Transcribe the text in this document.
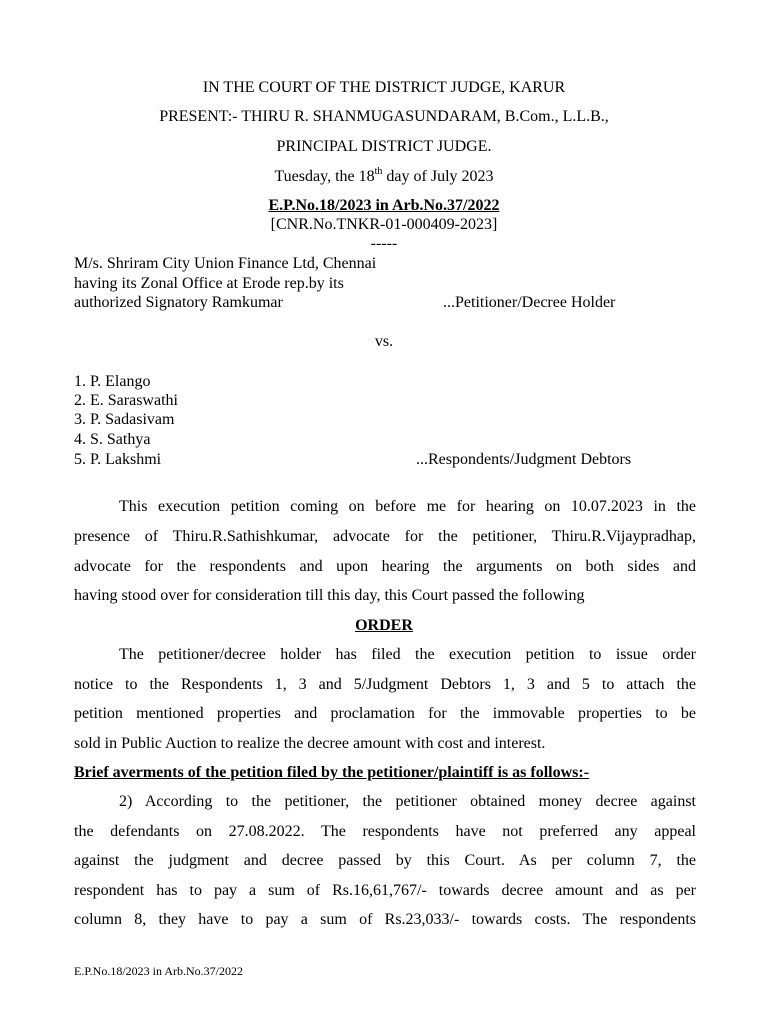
IN THE COURT OF THE DISTRICT JUDGE, KARUR
PRESENT:- THIRU R. SHANMUGASUNDARAM, B.Com., L.L.B.,
PRINCIPAL DISTRICT JUDGE.
Tuesday, the 18th day of July 2023
E.P.No.18/2023 in Arb.No.37/2022
[CNR.No.TNKR-01-000409-2023]
-----
M/s. Shriram City Union Finance Ltd, Chennai
having its Zonal Office at Erode rep.by its
authorized Signatory Ramkumar	...Petitioner/Decree Holder
vs.
1. P. Elango
2. E. Saraswathi
3. P. Sadasivam
4. S. Sathya
5. P. Lakshmi	...Respondents/Judgment Debtors
This execution petition coming on before me for hearing on 10.07.2023 in the
presence of Thiru.R.Sathishkumar, advocate for the petitioner, Thiru.R.Vijaypradhap,
advocate for the respondents and upon hearing the arguments on both sides and
having stood over for consideration till this day, this Court passed the following
ORDER
The petitioner/decree holder has filed the execution petition to issue order
notice to the Respondents 1, 3 and 5/Judgment Debtors 1, 3 and 5 to attach the
petition mentioned properties and proclamation for the immovable properties to be
sold in Public Auction to realize the decree amount with cost and interest.
Brief averments of the petition filed by the petitioner/plaintiff is as follows:-
2) According to the petitioner, the petitioner obtained money decree against
the defendants on 27.08.2022. The respondents have not preferred any appeal
against the judgment and decree passed by this Court. As per column 7, the
respondent has to pay a sum of Rs.16,61,767/- towards decree amount and as per
column 8, they have to pay a sum of Rs.23,033/- towards costs. The respondents
E.P.No.18/2023 in Arb.No.37/2022
